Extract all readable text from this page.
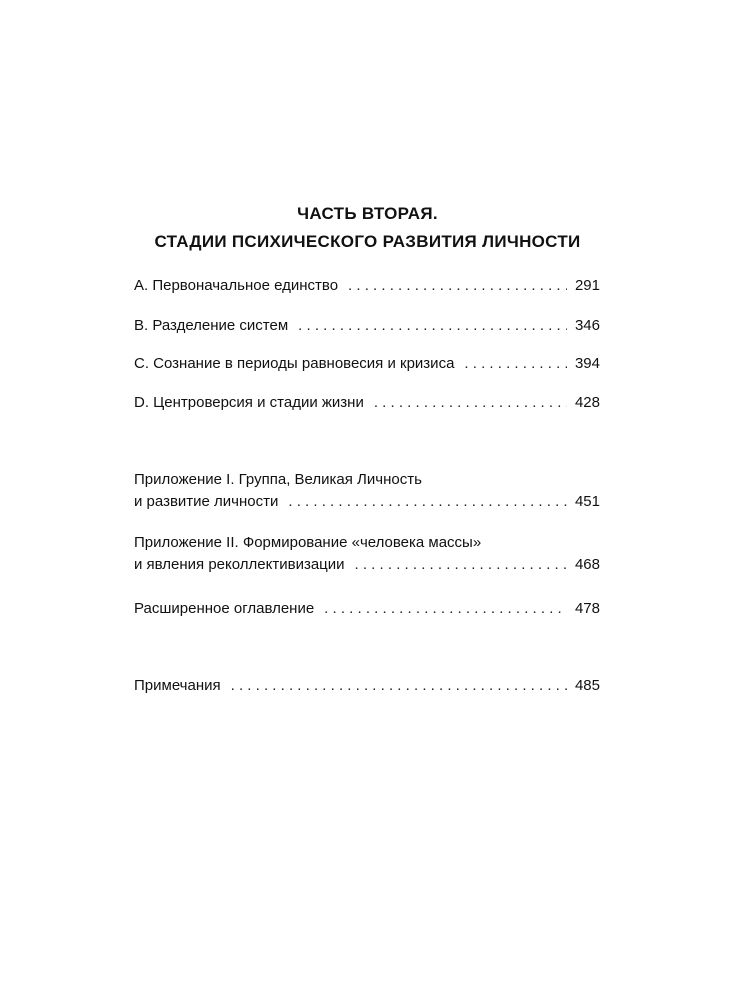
ЧАСТЬ ВТОРАЯ.
СТАДИИ ПСИХИЧЕСКОГО РАЗВИТИЯ ЛИЧНОСТИ
A. Первоначальное единство . . .	291
B. Разделение систем . . .	346
C. Сознание в периоды равновесия и кризиса . . .	394
D. Центроверсия и стадии жизни . . .	428
Приложение I. Группа, Великая Личность
и развитие личности . . .	451
Приложение II. Формирование «человека массы»
и явления реколлективизации . . .	468
Расширенное оглавление . . .	478
Примечания . . .	485
